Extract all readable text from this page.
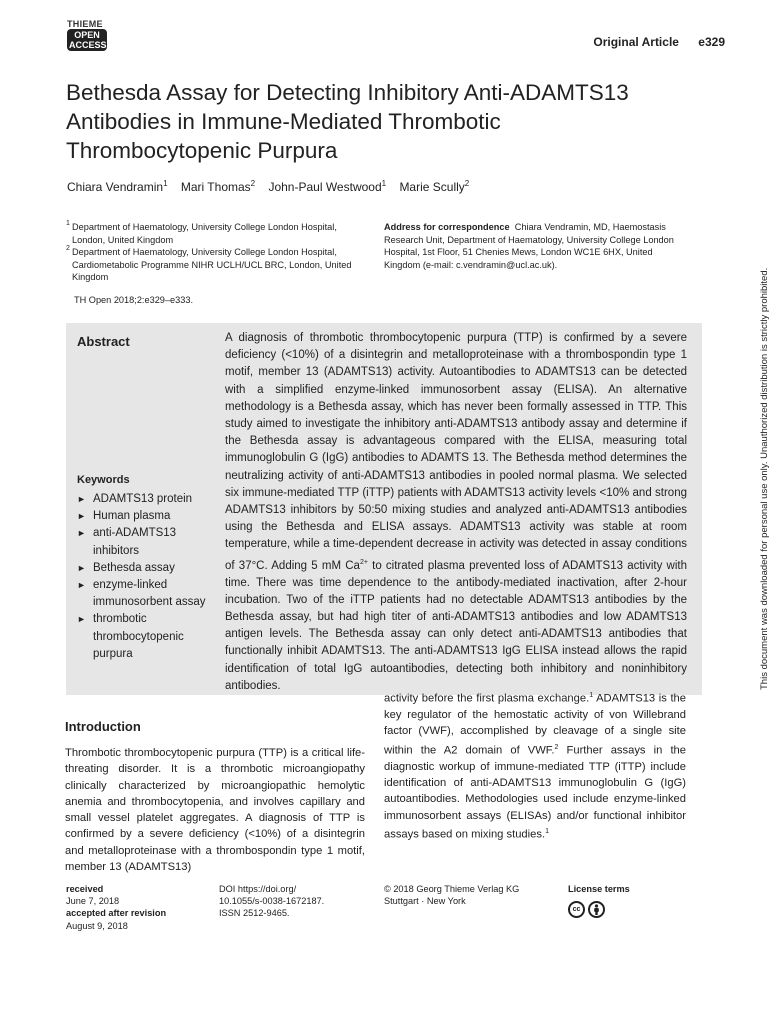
THIEME
OPEN
ACCESS	Original Article e329
Bethesda Assay for Detecting Inhibitory Anti-ADAMTS13 Antibodies in Immune-Mediated Thrombotic Thrombocytopenic Purpura
Chiara Vendramin$^1$ Mari Thomas$^2$ John-Paul Westwood$^1$ Marie Scully$^2$
1 Department of Haematology, University College London Hospital, London, United Kingdom
2 Department of Haematology, University College London Hospital, Cardiometabolic Programme NIHR UCLH/UCL BRC, London, United Kingdom
Address for correspondence Chiara Vendramin, MD, Haemostasis Research Unit, Department of Haematology, University College London Hospital, 1st Floor, 51 Chenies Mews, London WC1E 6HX, United Kingdom (e-mail: c.vendramin@ucl.ac.uk).
TH Open 2018;2:e329–e333.
Abstract	A diagnosis of thrombotic thrombocytopenic purpura (TTP) is confirmed by a severe deficiency (<10%) of a disintegrin and metalloproteinase with a thrombospondin type 1 motif, member 13 (ADAMTS13) activity. Autoantibodies to ADAMTS13 can be detected with a simplified enzyme-linked immunosorbent assay (ELISA). An alternative methodology is a Bethesda assay, which has never been formally assessed in TTP. This study aimed to investigate the inhibitory anti-ADAMTS13 antibody assay and determine if the Bethesda assay is advantageous compared with the ELISA, measuring total immunoglobulin G (IgG) antibodies to ADAMTS 13. The Bethesda method determines the neutralizing activity of anti-ADAMTS13 antibodies in pooled normal plasma. We selected six immune-mediated TTP (iTTP) patients with ADAMTS13 activity levels <10% and strong ADAMTS13 inhibitors by 50:50 mixing studies and analyzed anti-ADAMTS13 antibodies using the Bethesda and ELISA assays. ADAMTS13 activity was stable at room temperature, while a time-dependent decrease in activity was detected in assay conditions of 37°C. Adding 5 mM $Ca^{2+}$ to citrated plasma prevented loss of ADAMTS13 activity with time. There was time dependence to the antibody-mediated inactivation, after 2-hour incubation. Two of the iTTP patients had no detectable ADAMTS13 antibodies by the Bethesda assay, but had high titer of anti-ADAMTS13 antibodies and low ADAMTS13 antigen levels. The Bethesda assay can only detect anti-ADAMTS13 antibodies that functionally inhibit ADAMTS13. The anti-ADAMTS13 IgG ELISA instead allows the rapid identification of total IgG autoantibodies, detecting both inhibitory and noninhibitory antibodies.
Keywords
► ADAMTS13 protein
► Human plasma
► anti-ADAMTS13 inhibitors
► Bethesda assay
► enzyme-linked immunosorbent assay
► thrombotic thrombocytopenic purpura
Introduction
Thrombotic thrombocytopenic purpura (TTP) is a critical life-threating disorder. It is a thrombotic microangiopathy clinically characterized by microangiopathic hemolytic anemia and thrombocytopenia, and involves capillary and small vessel platelet aggregates. A diagnosis of TTP is confirmed by a severe deficiency (<10%) of a disintegrin and metalloproteinase with a thrombospondin type 1 motif, member 13 (ADAMTS13)
activity before the first plasma exchange.$^1$ ADAMTS13 is the key regulator of the hemostatic activity of von Willebrand factor (VWF), accomplished by cleavage of a single site within the A2 domain of VWF.$^2$ Further assays in the diagnostic workup of immune-mediated TTP (iTTP) include identification of anti-ADAMTS13 immunoglobulin G (IgG) autoantibodies. Methodologies used include enzyme-linked immunosorbent assays (ELISAs) and/or functional inhibitor assays based on mixing studies.$^1$
received
June 7, 2018
accepted after revision
August 9, 2018
DOI https://doi.org/
10.1055/s-0038-1672187.
ISSN 2512-9465.
© 2018 Georg Thieme Verlag KG
Stuttgart · New York
License terms
cc
This document was downloaded for personal use only. Unauthorized distribution is strictly prohibited.
